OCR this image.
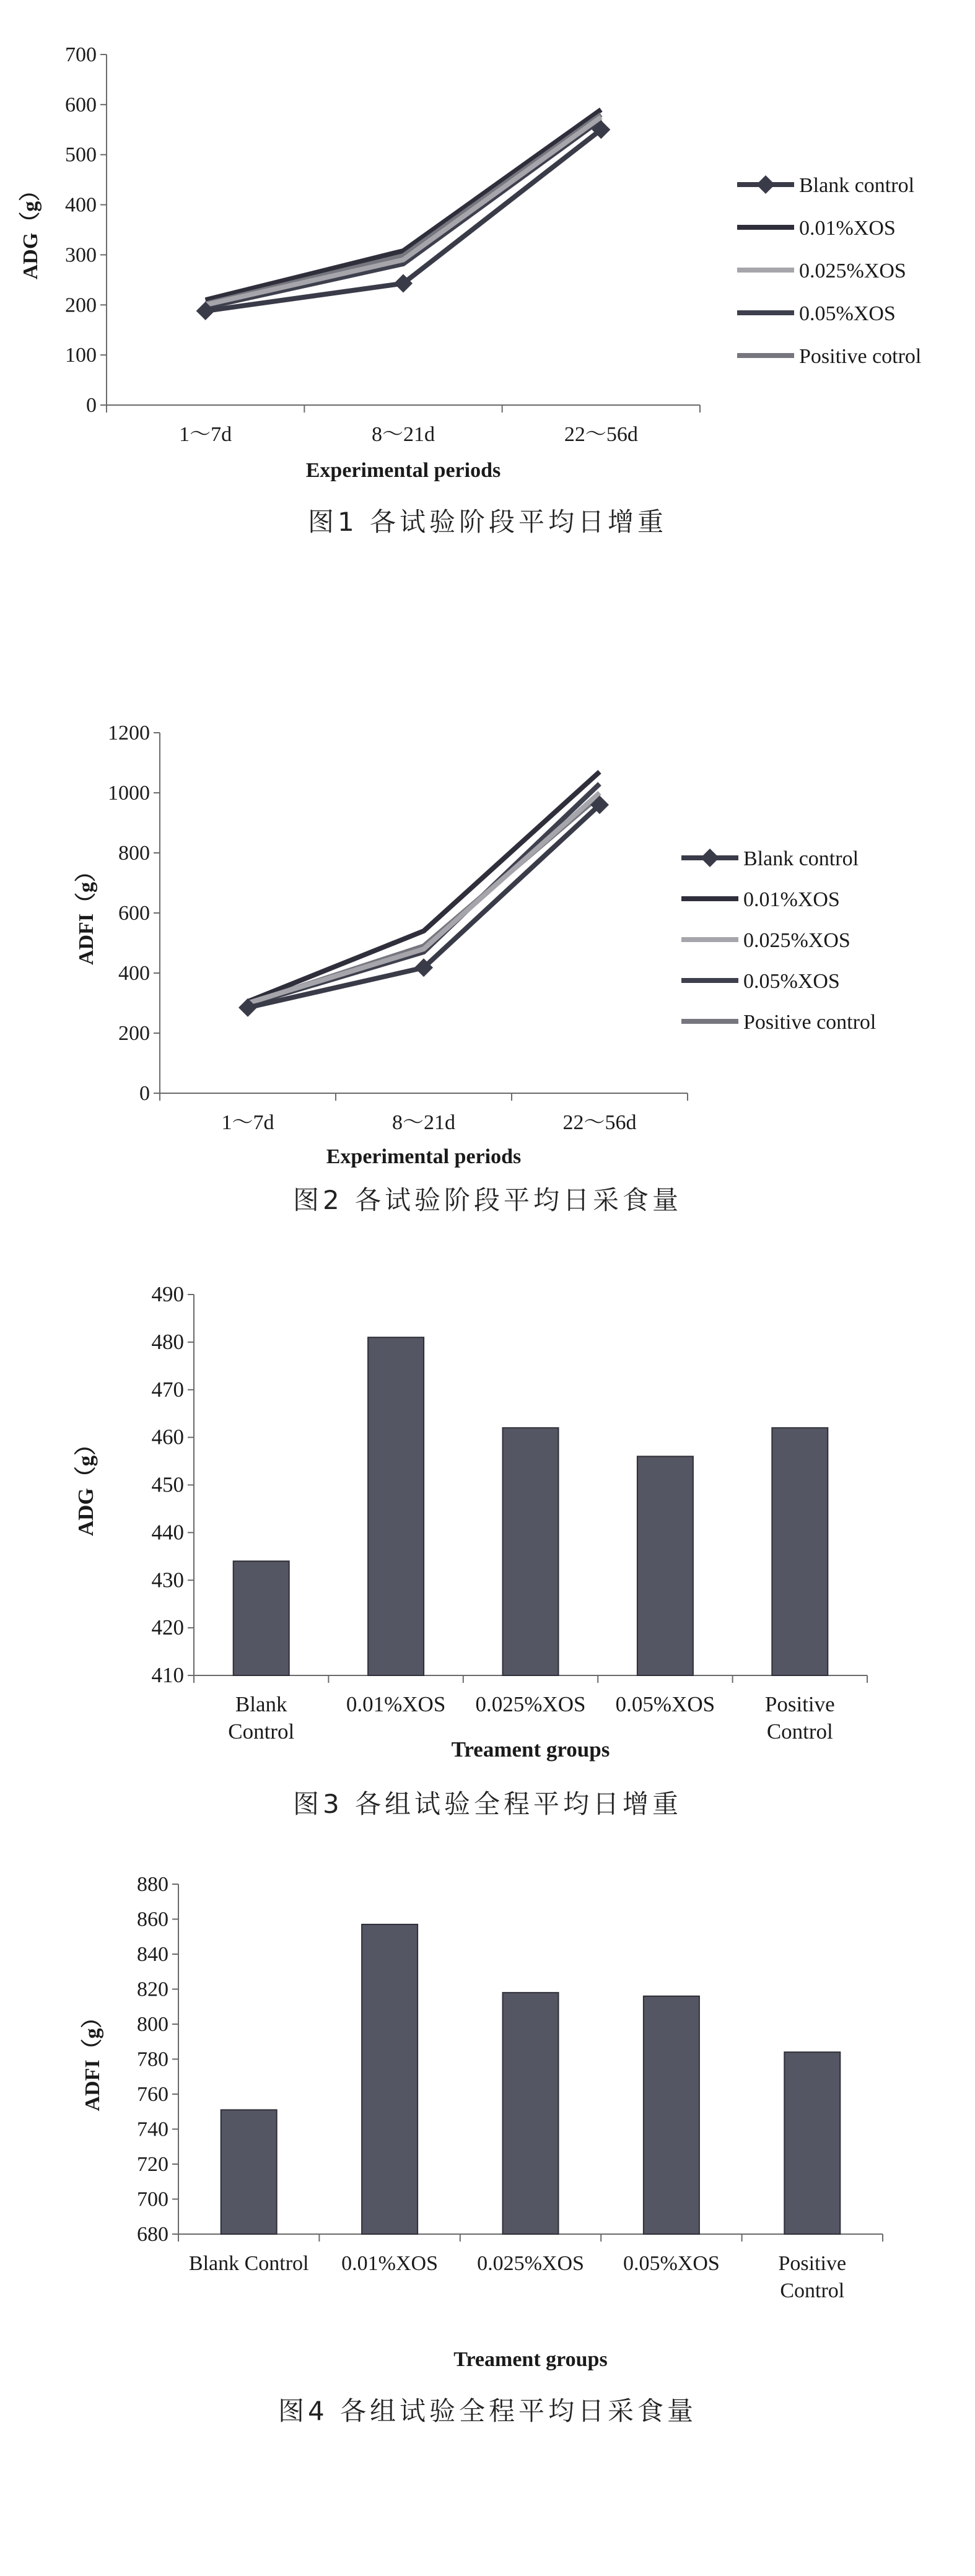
0
100
200
300
400
500
600
700
1～7d	8～21d	22～56d
Experimental periods
ADG（g）	Blank control
0.01%XOS
0.025%XOS
0.05%XOS
Positive cotrol
图1 各试验阶段平均日增重
0
200
400
600
800
1000
1200
1～7d	8～21d	22～56d
Experimental periods
ADFI（g）
Blank control
0.01%XOS
0.025%XOS
0.05%XOS
Positive control
图2 各试验阶段平均日采食量
410
420
430
440
450
460
470
480
490
Blank
Control
0.01%XOS 0.025%XOS 0.05%XOS Positive
Control
Treament groups
ADG（g）
图3 各组试验全程平均日增重
680
700
720
740
760
780
800
820
840
860
880
Blank Control 0.01%XOS 0.025%XOS 0.05%XOS	Positive
Control
Treament groups
ADFI（g）
图4 各组试验全程平均日采食量
